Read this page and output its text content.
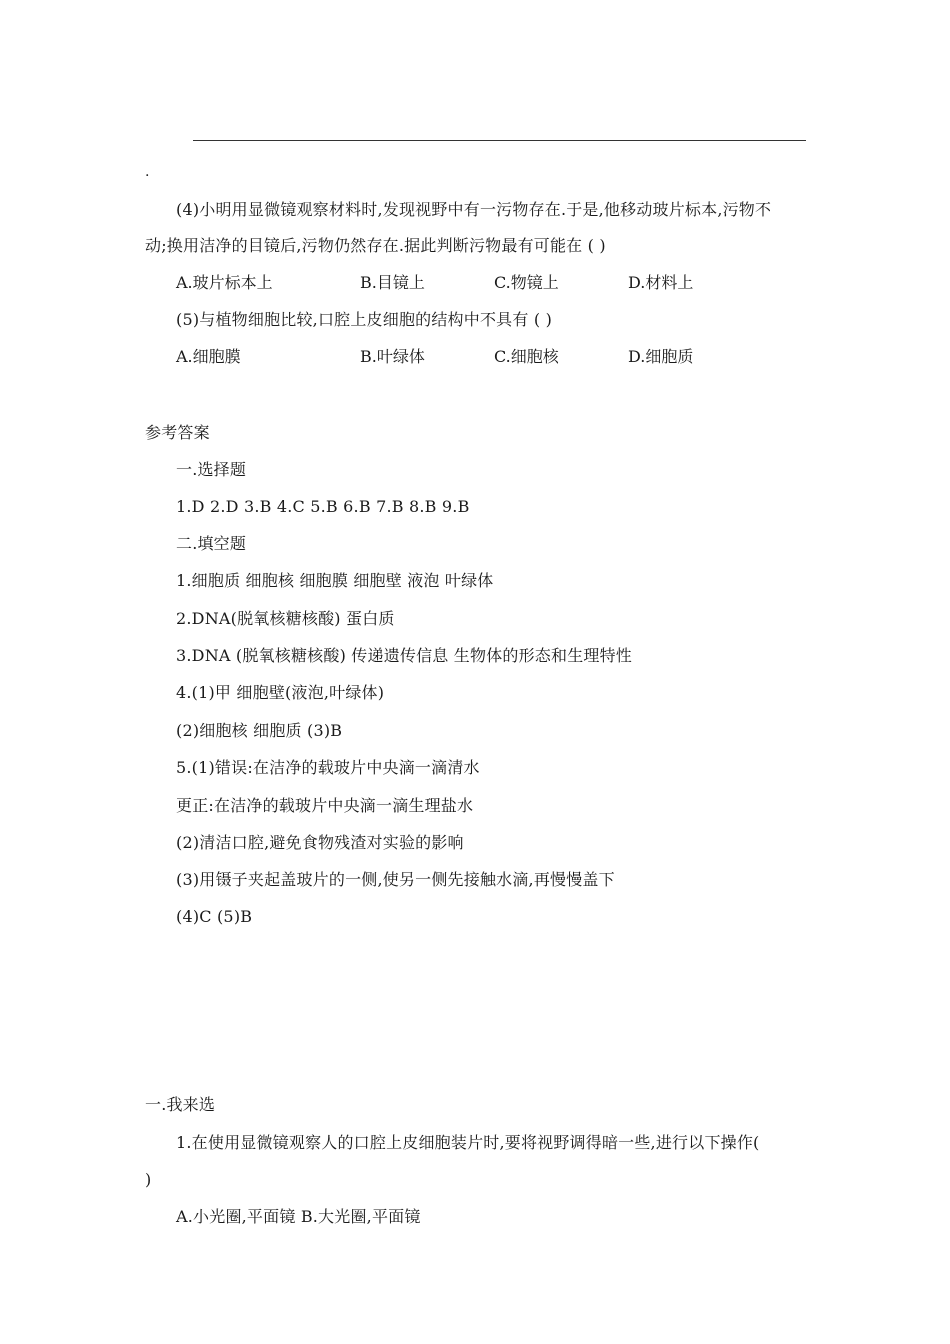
.
(4)小明用显微镜观察材料时,发现视野中有一污物存在.于是,他移动玻片标本,污物不
动;换用洁净的目镜后,污物仍然存在.据此判断污物最有可能在 ( )
A.玻片标本上	B.目镜上	C.物镜上	D.材料上
(5)与植物细胞比较,口腔上皮细胞的结构中不具有 ( )
A.细胞膜	B.叶绿体	C.细胞核	D.细胞质
参考答案
一.选择题
1.D 2.D 3.B 4.C 5.B 6.B 7.B 8.B 9.B
二.填空题
1.细胞质 细胞核 细胞膜 细胞壁 液泡 叶绿体
2.DNA(脱氧核糖核酸) 蛋白质
3.DNA (脱氧核糖核酸) 传递遗传信息 生物体的形态和生理特性
4.(1)甲 细胞壁(液泡,叶绿体)
(2)细胞核 细胞质 (3)B
5.(1)错误:在洁净的载玻片中央滴一滴清水
更正:在洁净的载玻片中央滴一滴生理盐水
(2)清洁口腔,避免食物残渣对实验的影响
(3)用镊子夹起盖玻片的一侧,使另一侧先接触水滴,再慢慢盖下
(4)C (5)B
一.我来选
1.在使用显微镜观察人的口腔上皮细胞装片时,要将视野调得暗一些,进行以下操作(
)
A.小光圈,平面镜 B.大光圈,平面镜
